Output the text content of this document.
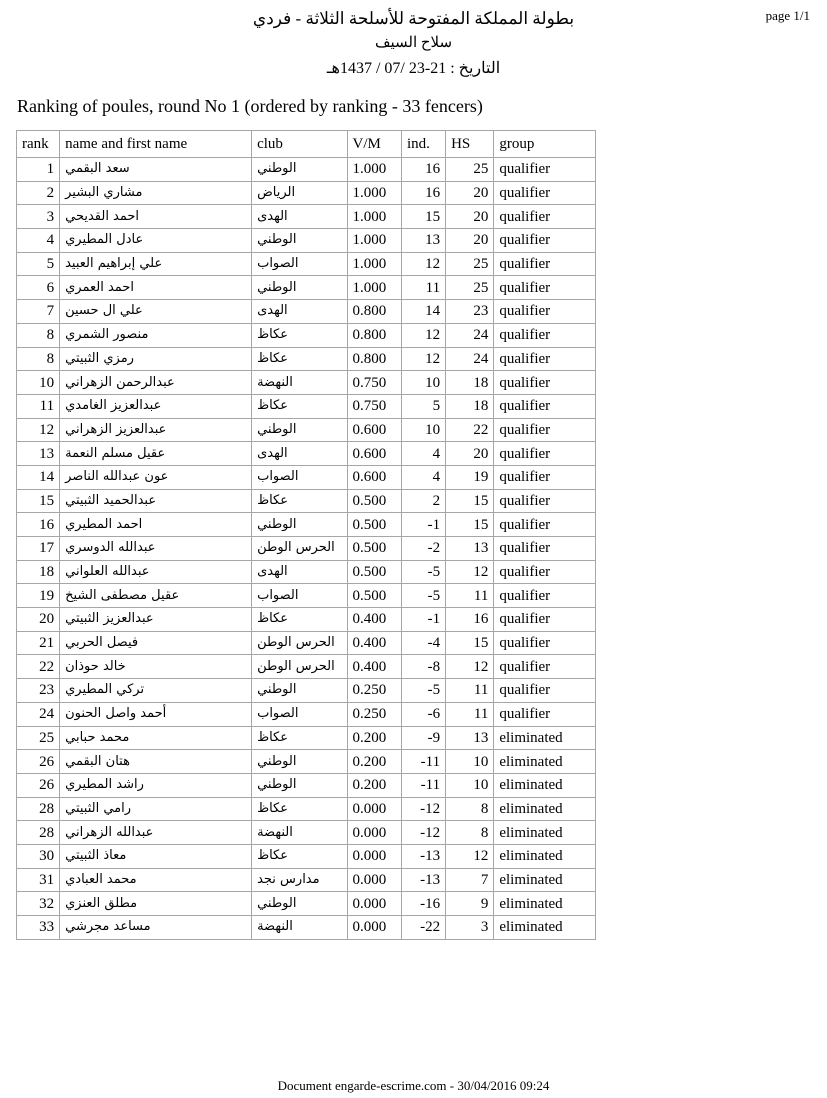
page 1/1
بطولة المملكة المفتوحة للأسلحة الثلاثة - فردي
سلاح السيف
التاريخ : 21-23 /07 / 1437هـ
Ranking of poules, round No 1 (ordered by ranking - 33 fencers)
rank	name and first name	club	V/M	ind.	HS	group
1	سعد البقمي	الوطني	1.000	16	25	qualifier
2	مشاري البشير	الرياض	1.000	16	20	qualifier
3	احمد القديحي	الهدى	1.000	15	20	qualifier
4	عادل المطيري	الوطني	1.000	13	20	qualifier
5	علي إبراهيم العبيد	الصواب	1.000	12	25	qualifier
6	احمد العمري	الوطني	1.000	11	25	qualifier
7	علي ال حسين	الهدى	0.800	14	23	qualifier
8	منصور الشمري	عكاظ	0.800	12	24	qualifier
8	رمزي الثبيتي	عكاظ	0.800	12	24	qualifier
10	عبدالرحمن الزهراني	النهضة	0.750	10	18	qualifier
11	عبدالعزيز الغامدي	عكاظ	0.750	5	18	qualifier
12	عبدالعزيز الزهراني	الوطني	0.600	10	22	qualifier
13	عقيل مسلم النعمة	الهدى	0.600	4	20	qualifier
14	عون عبدالله الناصر	الصواب	0.600	4	19	qualifier
15	عبدالحميد الثبيتي	عكاظ	0.500	2	15	qualifier
16	احمد المطيري	الوطني	0.500	-1	15	qualifier
17	عبدالله الدوسري	الحرس الوطن	0.500	-2	13	qualifier
18	عبدالله العلواني	الهدى	0.500	-5	12	qualifier
19	عقيل مصطفى الشيخ	الصواب	0.500	-5	11	qualifier
20	عبدالعزيز الثبيتي	عكاظ	0.400	-1	16	qualifier
21	فيصل الحربي	الحرس الوطن	0.400	-4	15	qualifier
22	خالد حوذان	الحرس الوطن	0.400	-8	12	qualifier
23	تركي المطيري	الوطني	0.250	-5	11	qualifier
24	أحمد واصل الحنون	الصواب	0.250	-6	11	qualifier
25	محمد حبابي	عكاظ	0.200	-9	13	eliminated
26	هتان البقمي	الوطني	0.200	-11	10	eliminated
26	راشد المطيري	الوطني	0.200	-11	10	eliminated
28	رامي الثبيتي	عكاظ	0.000	-12	8	eliminated
28	عبدالله الزهراني	النهضة	0.000	-12	8	eliminated
30	معاذ الثبيتي	عكاظ	0.000	-13	12	eliminated
31	محمد العبادي	مدارس نجد	0.000	-13	7	eliminated
32	مطلق العنزي	الوطني	0.000	-16	9	eliminated
33	مساعد مجرشي	النهضة	0.000	-22	3	eliminated
Document engarde-escrime.com - 30/04/2016 09:24
